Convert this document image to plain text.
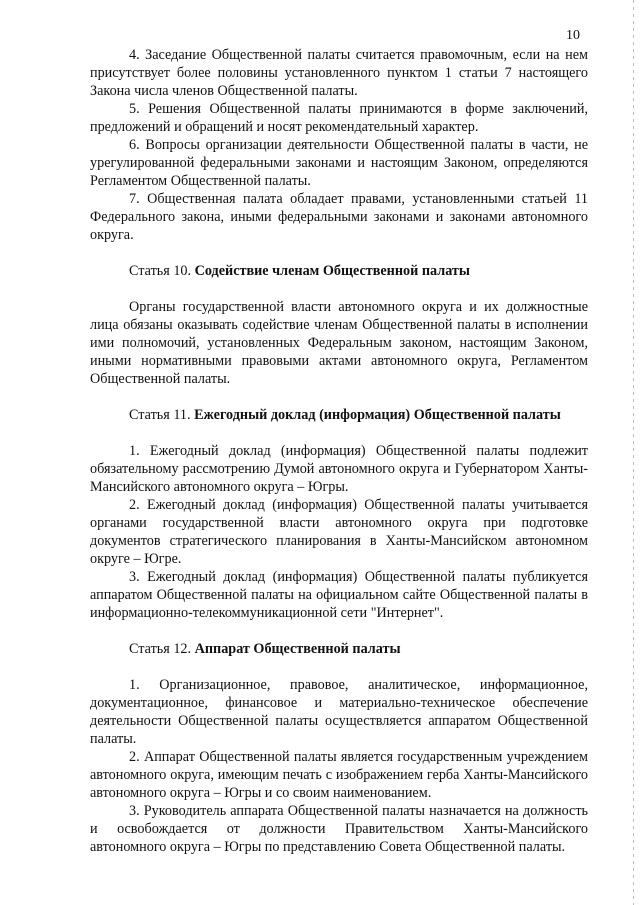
10

4. Заседание Общественной палаты считается правомочным, если на нем присутствует более половины установленного пунктом 1 статьи 7 настоящего Закона числа членов Общественной палаты.

5. Решения Общественной палаты принимаются в форме заключений, предложений и обращений и носят рекомендательный характер.

6. Вопросы организации деятельности Общественной палаты в части, не урегулированной федеральными законами и настоящим Законом, определяются Регламентом Общественной палаты.

7. Общественная палата обладает правами, установленными статьей 11 Федерального закона, иными федеральными законами и законами автономного округа.

Статья 10. Содействие членам Общественной палаты

Органы государственной власти автономного округа и их должностные лица обязаны оказывать содействие членам Общественной палаты в исполнении ими полномочий, установленных Федеральным законом, настоящим Законом, иными нормативными правовыми актами автономного округа, Регламентом Общественной палаты.

Статья 11. Ежегодный доклад (информация) Общественной палаты

1. Ежегодный доклад (информация) Общественной палаты подлежит обязательному рассмотрению Думой автономного округа и Губернатором Ханты-Мансийского автономного округа – Югры.

2. Ежегодный доклад (информация) Общественной палаты учитывается органами государственной власти автономного округа при подготовке документов стратегического планирования в Ханты-Мансийском автономном округе – Югре.

3. Ежегодный доклад (информация) Общественной палаты публикуется аппаратом Общественной палаты на официальном сайте Общественной палаты в информационно-телекоммуникационной сети "Интернет".

Статья 12. Аппарат Общественной палаты

1. Организационное, правовое, аналитическое, информационное, документационное, финансовое и материально-техническое обеспечение деятельности Общественной палаты осуществляется аппаратом Общественной палаты.

2. Аппарат Общественной палаты является государственным учреждением автономного округа, имеющим печать с изображением герба Ханты-Мансийского автономного округа – Югры и со своим наименованием.

3. Руководитель аппарата Общественной палаты назначается на должность и освобождается от должности Правительством Ханты-Мансийского автономного округа – Югры по представлению Совета Общественной палаты.
